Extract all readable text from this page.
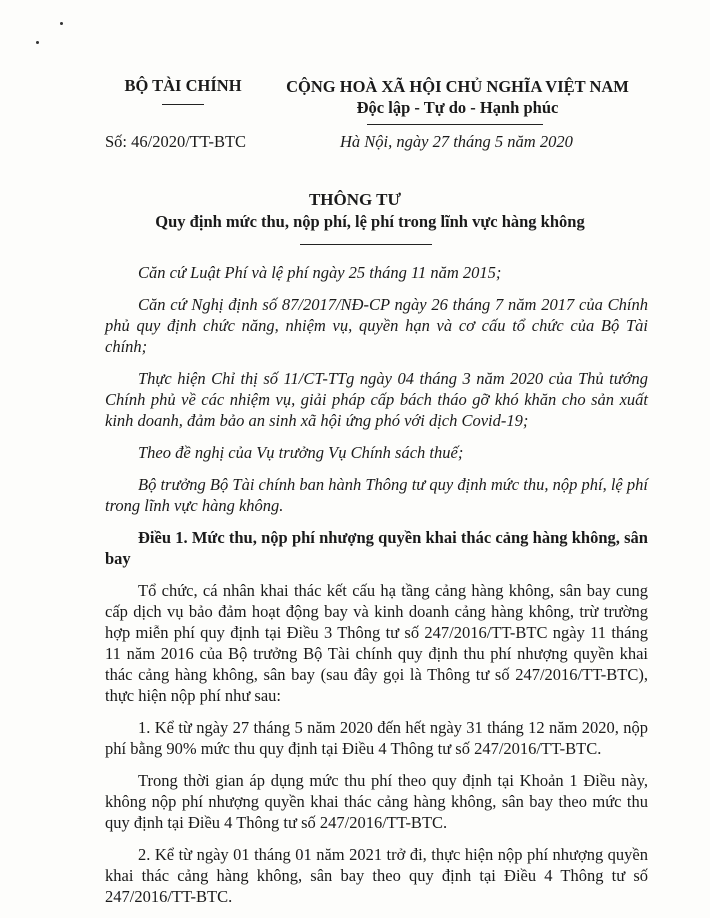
BỘ TÀI CHÍNH	CỘNG HOÀ XÃ HỘI CHỦ NGHĨA VIỆT NAM
Độc lập - Tự do - Hạnh phúc
Số: 46/2020/TT-BTC	Hà Nội, ngày 27 tháng 5 năm 2020
THÔNG TƯ
Quy định mức thu, nộp phí, lệ phí trong lĩnh vực hàng không

Căn cứ Luật Phí và lệ phí ngày 25 tháng 11 năm 2015;

Căn cứ Nghị định số 87/2017/NĐ-CP ngày 26 tháng 7 năm 2017 của Chính phủ quy định chức năng, nhiệm vụ, quyền hạn và cơ cấu tổ chức của Bộ Tài chính;

Thực hiện Chỉ thị số 11/CT-TTg ngày 04 tháng 3 năm 2020 của Thủ tướng Chính phủ về các nhiệm vụ, giải pháp cấp bách tháo gỡ khó khăn cho sản xuất kinh doanh, đảm bảo an sinh xã hội ứng phó với dịch Covid-19;

Theo đề nghị của Vụ trưởng Vụ Chính sách thuế;

Bộ trưởng Bộ Tài chính ban hành Thông tư quy định mức thu, nộp phí, lệ phí trong lĩnh vực hàng không.

Điều 1. Mức thu, nộp phí nhượng quyền khai thác cảng hàng không, sân bay

Tổ chức, cá nhân khai thác kết cấu hạ tầng cảng hàng không, sân bay cung cấp dịch vụ bảo đảm hoạt động bay và kinh doanh cảng hàng không, trừ trường hợp miễn phí quy định tại Điều 3 Thông tư số 247/2016/TT-BTC ngày 11 tháng 11 năm 2016 của Bộ trưởng Bộ Tài chính quy định thu phí nhượng quyền khai thác cảng hàng không, sân bay (sau đây gọi là Thông tư số 247/2016/TT-BTC), thực hiện nộp phí như sau:

1. Kể từ ngày 27 tháng 5 năm 2020 đến hết ngày 31 tháng 12 năm 2020, nộp phí bằng 90% mức thu quy định tại Điều 4 Thông tư số 247/2016/TT-BTC.

Trong thời gian áp dụng mức thu phí theo quy định tại Khoản 1 Điều này, không nộp phí nhượng quyền khai thác cảng hàng không, sân bay theo mức thu quy định tại Điều 4 Thông tư số 247/2016/TT-BTC.

2. Kể từ ngày 01 tháng 01 năm 2021 trở đi, thực hiện nộp phí nhượng quyền khai thác cảng hàng không, sân bay theo quy định tại Điều 4 Thông tư số 247/2016/TT-BTC.
